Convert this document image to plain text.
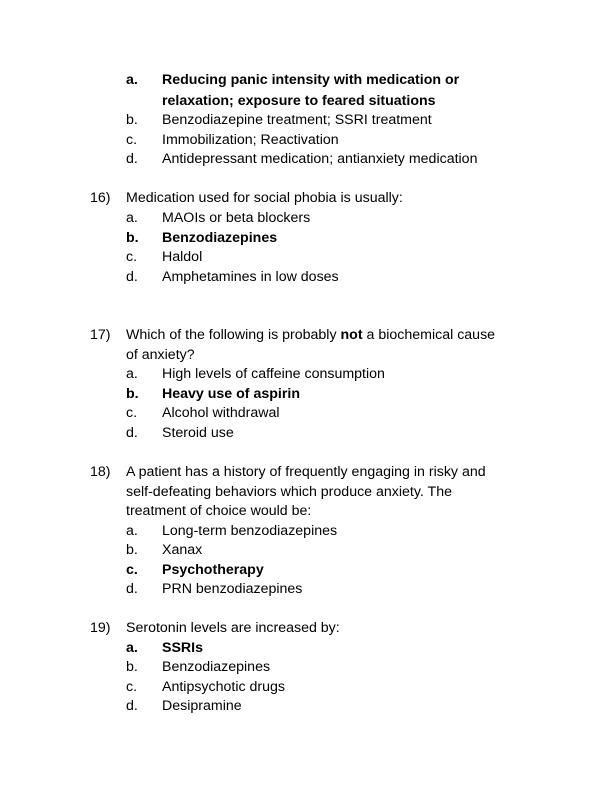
a. Reducing panic intensity with medication or
relaxation; exposure to feared situations
b. Benzodiazepine treatment; SSRI treatment
c. Immobilization; Reactivation
d. Antidepressant medication; antianxiety medication
16) Medication used for social phobia is usually:
a. MAOIs or beta blockers
b. Benzodiazepines
c. Haldol
d. Amphetamines in low doses
17) Which of the following is probably not a biochemical cause
of anxiety?
a. High levels of caffeine consumption
b. Heavy use of aspirin
c. Alcohol withdrawal
d. Steroid use
18) A patient has a history of frequently engaging in risky and
self-defeating behaviors which produce anxiety. The
treatment of choice would be:
a. Long-term benzodiazepines
b. Xanax
c. Psychotherapy
d. PRN benzodiazepines
19) Serotonin levels are increased by:
a. SSRIs
b. Benzodiazepines
c. Antipsychotic drugs
d. Desipramine
